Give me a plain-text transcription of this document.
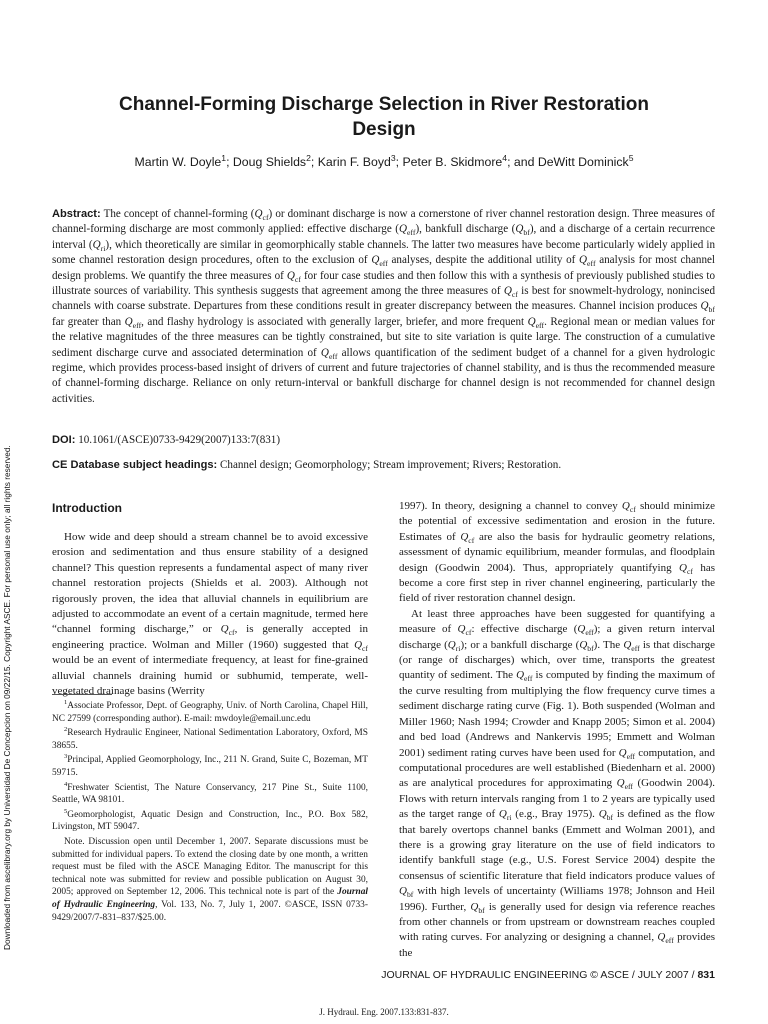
Downloaded from ascelibrary.org by Universidad De Concepcion on 09/22/15. Copyright ASCE. For personal use only; all rights reserved.
Channel-Forming Discharge Selection in River Restoration Design

Martin W. Doyle$^1$; Doug Shields$^2$; Karin F. Boyd$^3$; Peter B. Skidmore$^4$; and DeWitt Dominick$^5$

Abstract: The concept of channel-forming $(Q_{cf})$ or dominant discharge is now a cornerstone of river channel restoration design. Three measures of channel-forming discharge are most commonly applied: effective discharge $(Q_{eff})$, bankfull discharge $(Q_{bf})$, and a discharge of a certain recurrence interval $(Q_{ri})$, which theoretically are similar in geomorphically stable channels. The latter two measures have become particularly widely applied in some channel restoration design procedures, often to the exclusion of $Q_{eff}$ analyses, despite the additional utility of $Q_{eff}$ analysis for most channel design problems. We quantify the three measures of $Q_{cf}$ for four case studies and then follow this with a synthesis of previously published studies to illustrate sources of variability. This synthesis suggests that agreement among the three measures of $Q_{cf}$ is best for snowmelt-hydrology, nonincised channels with coarse substrate. Departures from these conditions result in greater discrepancy between the measures. Channel incision produces $Q_{bf}$ far greater than $Q_{eff}$, and flashy hydrology is associated with generally larger, briefer, and more frequent $Q_{eff}$. Regional mean or median values for the relative magnitudes of the three measures can be tightly constrained, but site to site variation is quite large. The construction of a cumulative sediment discharge curve and associated determination of $Q_{eff}$ allows quantification of the sediment budget of a channel for a given hydrologic regime, which provides process-based insight of drivers of current and future trajectories of channel stability, and is thus the recommended measure of channel-forming discharge. Reliance on only return-interval or bankfull discharge for channel design is not recommended for channel design activities.

DOI: 10.1061/(ASCE)0733-9429(2007)133:7(831)

CE Database subject headings: Channel design; Geomorphology; Stream improvement; Rivers; Restoration.

Introduction

How wide and deep should a stream channel be to avoid excessive erosion and sedimentation and thus ensure stability of a designed channel? This question represents a fundamental aspect of many river channel restoration projects (Shields et al. 2003). Although not rigorously proven, the idea that alluvial channels in equilibrium are adjusted to accommodate an event of a certain magnitude, termed here “channel forming discharge,” or $Q_{cf}$, is generally accepted in engineering practice. Wolman and Miller (1960) suggested that $Q_{cf}$ would be an event of intermediate frequency, at least for fine-grained alluvial channels draining humid or subhumid, temperate, well-vegetated drainage basins (Werrity

$^1$Associate Professor, Dept. of Geography, Univ. of North Carolina, Chapel Hill, NC 27599 (corresponding author). E-mail: mwdoyle@email.unc.edu

$^2$Research Hydraulic Engineer, National Sedimentation Laboratory, Oxford, MS 38655.

$^3$Principal, Applied Geomorphology, Inc., 211 N. Grand, Suite C, Bozeman, MT 59715.

$^4$Freshwater Scientist, The Nature Conservancy, 217 Pine St., Suite 1100, Seattle, WA 98101.

$^5$Geomorphologist, Aquatic Design and Construction, Inc., P.O. Box 582, Livingston, MT 59047.

Note. Discussion open until December 1, 2007. Separate discussions must be submitted for individual papers. To extend the closing date by one month, a written request must be filed with the ASCE Managing Editor. The manuscript for this technical note was submitted for review and possible publication on August 30, 2005; approved on September 12, 2006. This technical note is part of the Journal of Hydraulic Engineering, Vol. 133, No. 7, July 1, 2007. ©ASCE, ISSN 0733-9429/2007/7-831–837/$25.00.

1997). In theory, designing a channel to convey $Q_{cf}$ should minimize the potential of excessive sedimentation and erosion in the future. Estimates of $Q_{cf}$ are also the basis for hydraulic geometry relations, assessment of dynamic equilibrium, meander formulas, and floodplain design (Goodwin 2004). Thus, appropriately quantifying $Q_{cf}$ has become a core first step in river channel engineering, particularly the field of river restoration channel design.

At least three approaches have been suggested for quantifying a measure of $Q_{cf}$: effective discharge $(Q_{eff})$; a given return interval discharge $(Q_{ri})$; or a bankfull discharge $(Q_{bf})$. The $Q_{eff}$ is that discharge (or range of discharges) which, over time, transports the greatest quantity of sediment. The $Q_{eff}$ is computed by finding the maximum of the curve resulting from multiplying the flow frequency curve times a sediment discharge rating curve (Fig. 1). Both suspended (Wolman and Miller 1960; Nash 1994; Crowder and Knapp 2005; Simon et al. 2004) and bed load (Andrews and Nankervis 1995; Emmett and Wolman 2001) sediment rating curves have been used for $Q_{eff}$ computation, and computational procedures are well established (Biedenharn et al. 2000) as are analytical procedures for approximating $Q_{eff}$ (Goodwin 2004). Flows with return intervals ranging from 1 to 2 years are typically used as the target range of $Q_{ri}$ (e.g., Bray 1975). $Q_{bf}$ is defined as the flow that barely overtops channel banks (Emmett and Wolman 2001), and there is a growing gray literature on the use of field indicators to identify bankfull stage (e.g., U.S. Forest Service 2004) despite the consensus of scientific literature that field indicators produce values of $Q_{bf}$ with high levels of uncertainty (Williams 1978; Johnson and Heil 1996). Further, $Q_{bf}$ is generally used for design via reference reaches from other channels or from upstream or downstream reaches coupled with rating curves. For analyzing or designing a channel, $Q_{eff}$ provides the

JOURNAL OF HYDRAULIC ENGINEERING © ASCE / JULY 2007 / 831

J. Hydraul. Eng. 2007.133:831-837.
